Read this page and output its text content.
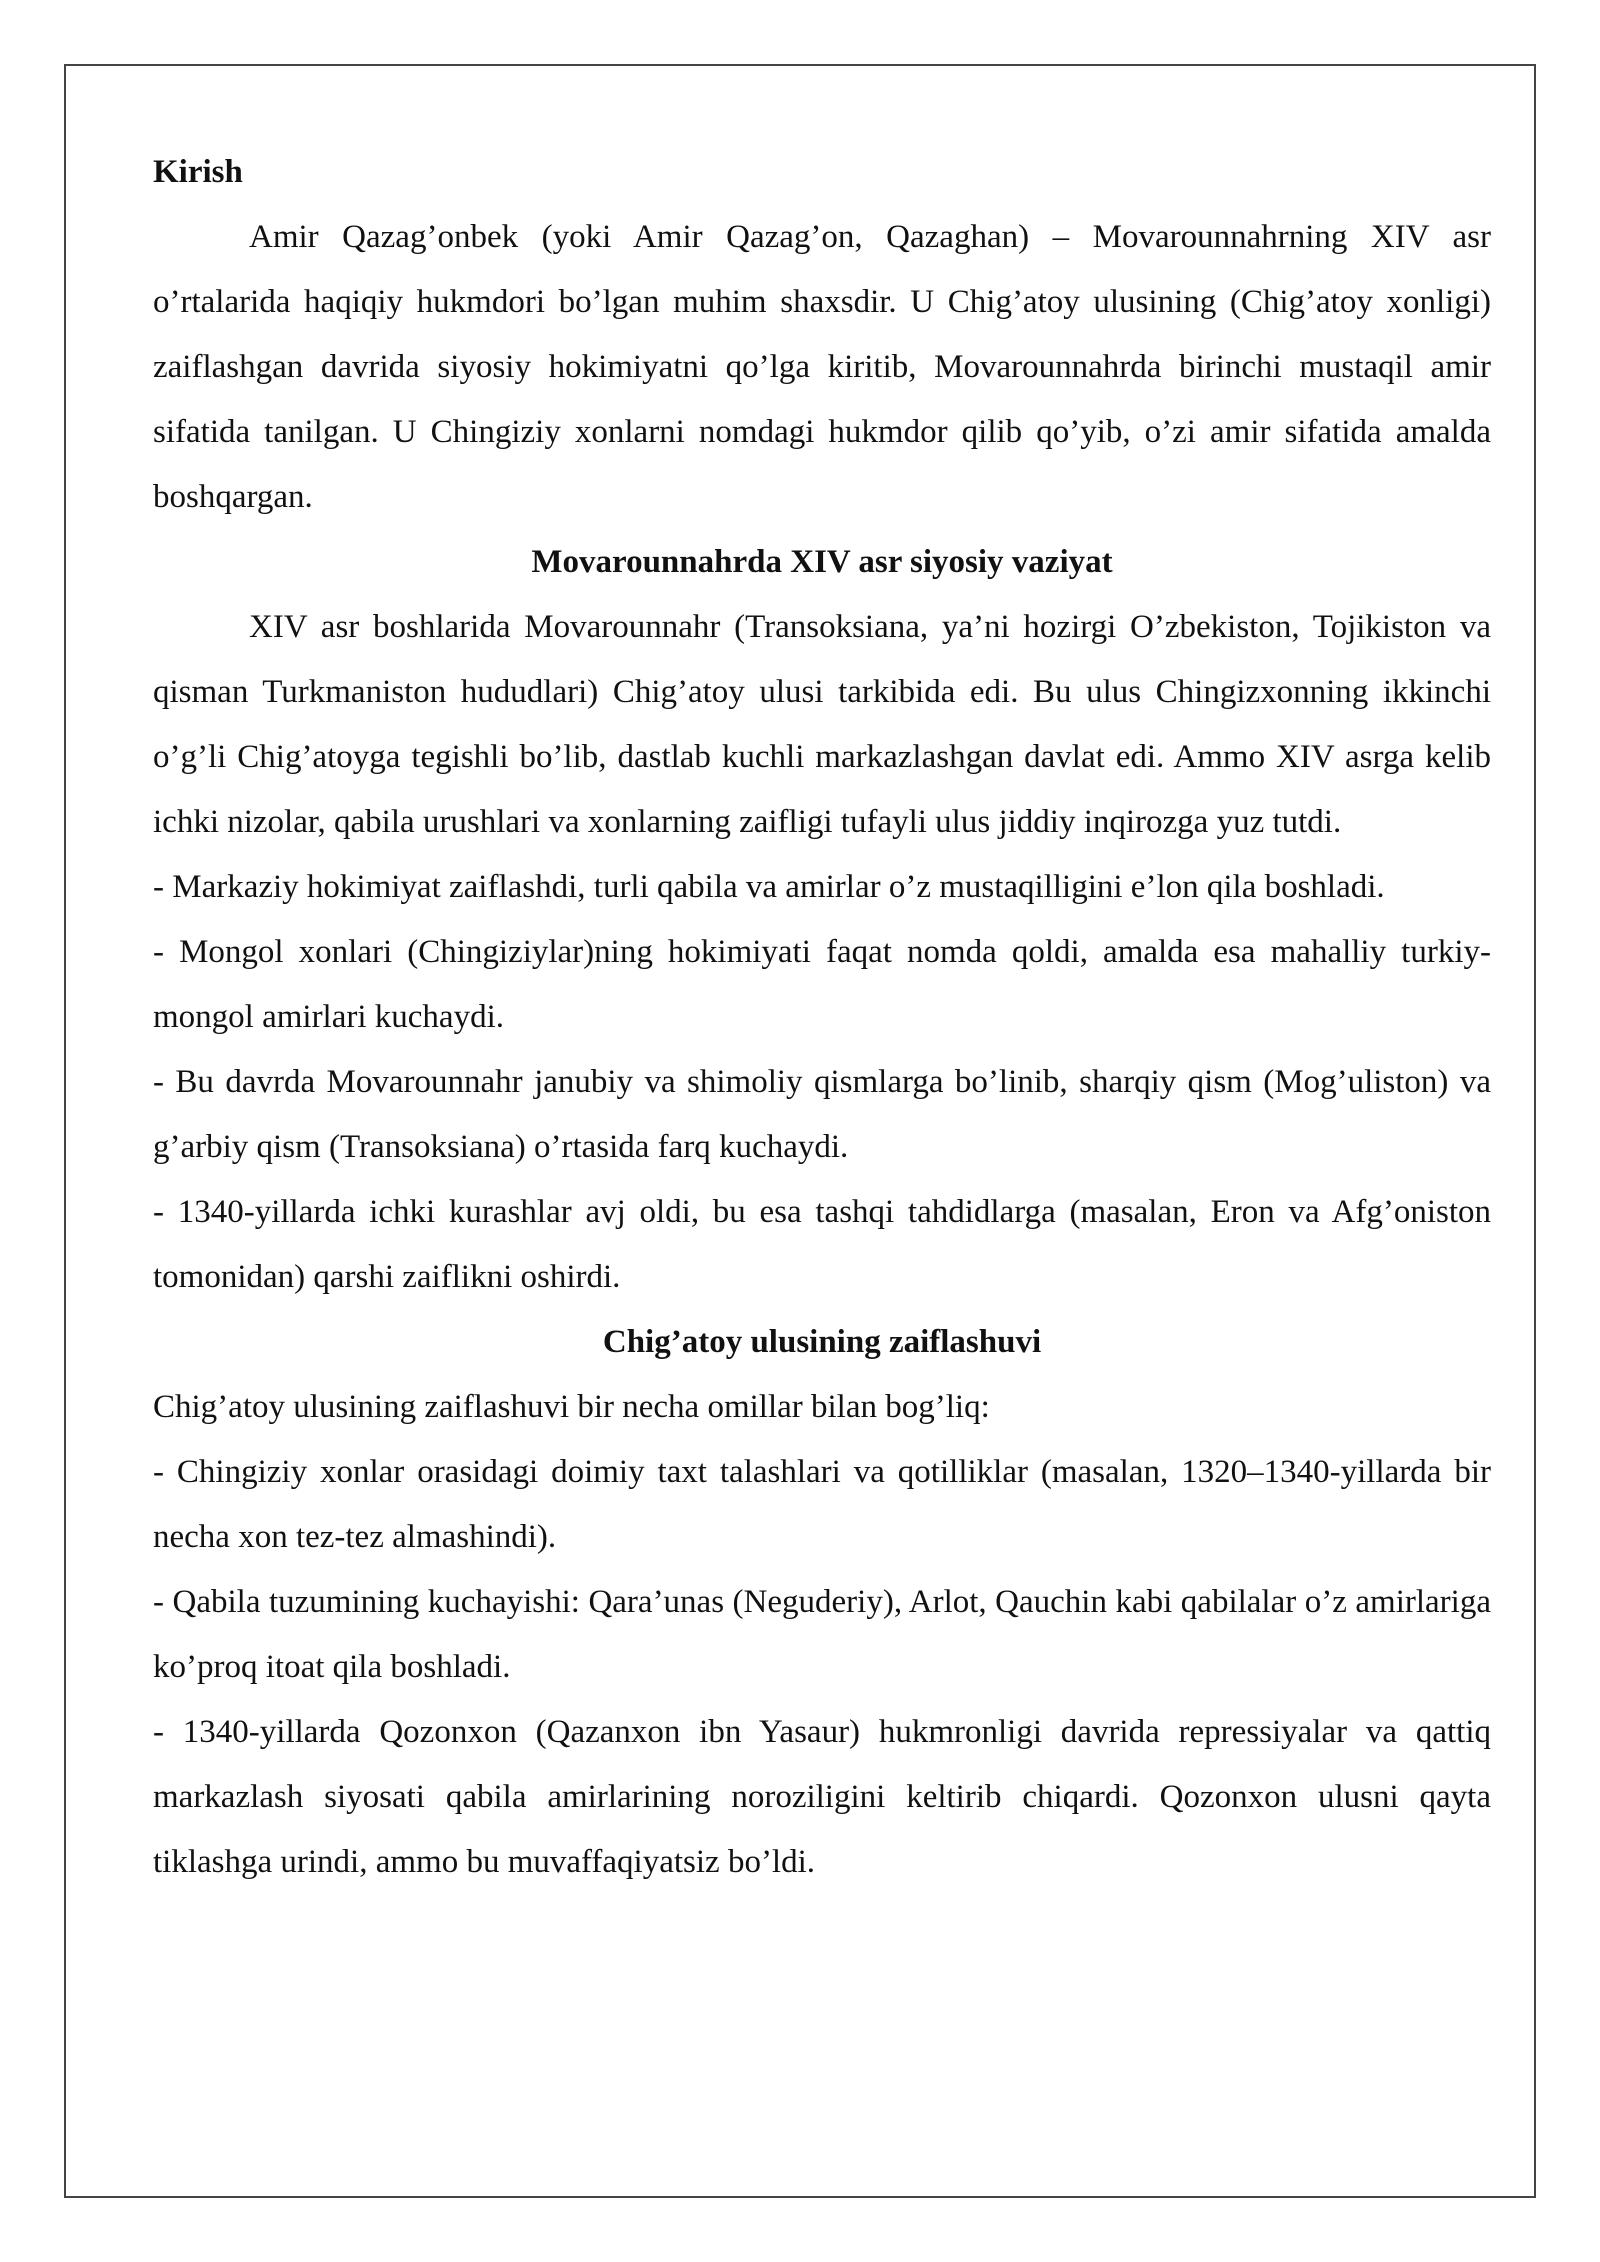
Kirish

Amir Qazag’onbek (yoki Amir Qazag’on, Qazaghan) – Movarounnahrning XIV asr o’rtalarida haqiqiy hukmdori bo’lgan muhim shaxsdir. U Chig’atoy ulusining (Chig’atoy xonligi) zaiflashgan davrida siyosiy hokimiyatni qo’lga kiritib, Movarounnahrda birinchi mustaqil amir sifatida tanilgan. U Chingiziy xonlarni nomdagi hukmdor qilib qo’yib, o’zi amir sifatida amalda boshqargan.

Movarounnahrda XIV asr siyosiy vaziyat

XIV asr boshlarida Movarounnahr (Transoksiana, ya’ni hozirgi O’zbekiston, Tojikiston va qisman Turkmaniston hududlari) Chig’atoy ulusi tarkibida edi. Bu ulus Chingizxonning ikkinchi o’g’li Chig’atoyga tegishli bo’lib, dastlab kuchli markazlashgan davlat edi. Ammo XIV asrga kelib ichki nizolar, qabila urushlari va xonlarning zaifligi tufayli ulus jiddiy inqirozga yuz tutdi.

- Markaziy hokimiyat zaiflashdi, turli qabila va amirlar o’z mustaqilligini e’lon qila boshladi.

- Mongol xonlari (Chingiziylar)ning hokimiyati faqat nomda qoldi, amalda esa mahalliy turkiy-mongol amirlari kuchaydi.

- Bu davrda Movarounnahr janubiy va shimoliy qismlarga bo’linib, sharqiy qism (Mog’uliston) va g’arbiy qism (Transoksiana) o’rtasida farq kuchaydi.

- 1340-yillarda ichki kurashlar avj oldi, bu esa tashqi tahdidlarga (masalan, Eron va Afg’oniston tomonidan) qarshi zaiflikni oshirdi.

Chig’atoy ulusining zaiflashuvi

Chig’atoy ulusining zaiflashuvi bir necha omillar bilan bog’liq:

- Chingiziy xonlar orasidagi doimiy taxt talashlari va qotilliklar (masalan, 1320–1340-yillarda bir necha xon tez-tez almashindi).

- Qabila tuzumining kuchayishi: Qara’unas (Neguderiy), Arlot, Qauchin kabi qabilalar o’z amirlariga ko’proq itoat qila boshladi.

- 1340-yillarda Qozonxon (Qazanxon ibn Yasaur) hukmronligi davrida repressiyalar va qattiq markazlash siyosati qabila amirlarining noroziligini keltirib chiqardi. Qozonxon ulusni qayta tiklashga urindi, ammo bu muvaffaqiyatsiz bo’ldi.
